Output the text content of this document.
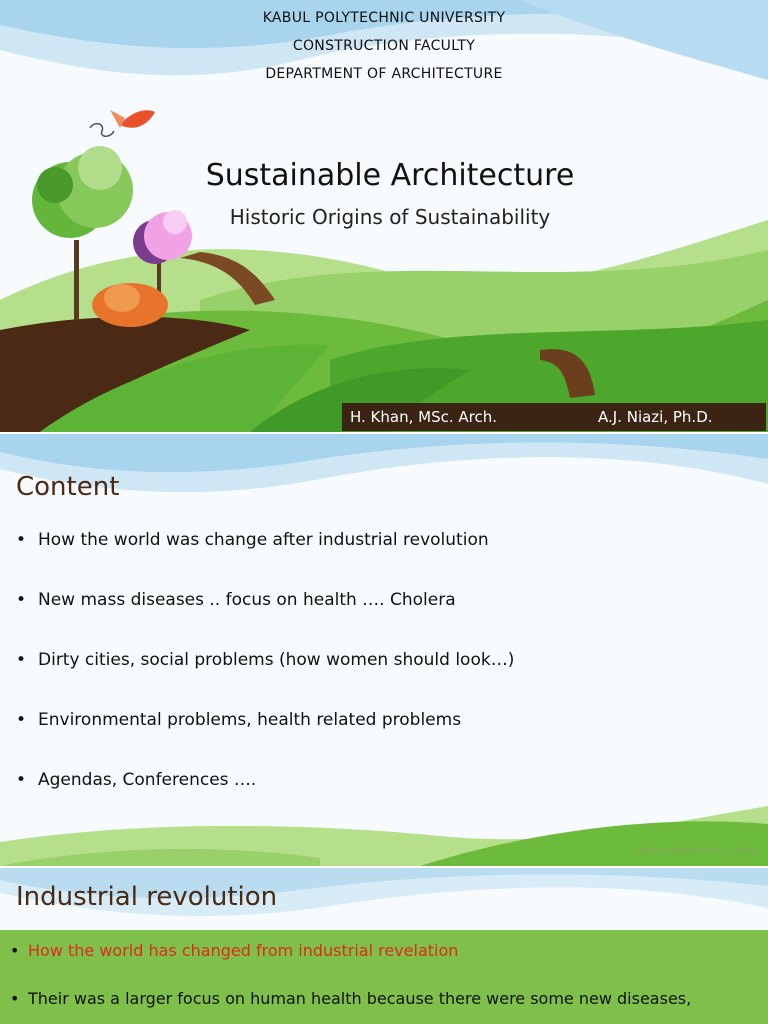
KABUL POLYTECHNIC UNIVERSITY
CONSTRUCTION FACULTY
DEPARTMENT OF ARCHITECTURE
Sustainable Architecture
Historic Origins of Sustainability
H. Khan, MSc. Arch.	A.J. Niazi, Ph.D.
Content
• How the world was change after industrial revolution
• New mass diseases .. focus on health …. Cholera
• Dirty cities, social problems (how women should look…)
• Environmental problems, health related problems
• Agendas, Conferences ….
KPU–AJ.NIAZI, Ph.D. – 2022
Industrial revolution
• How the world has changed from industrial revelation
• Their was a larger focus on human health because there were some new diseases,
